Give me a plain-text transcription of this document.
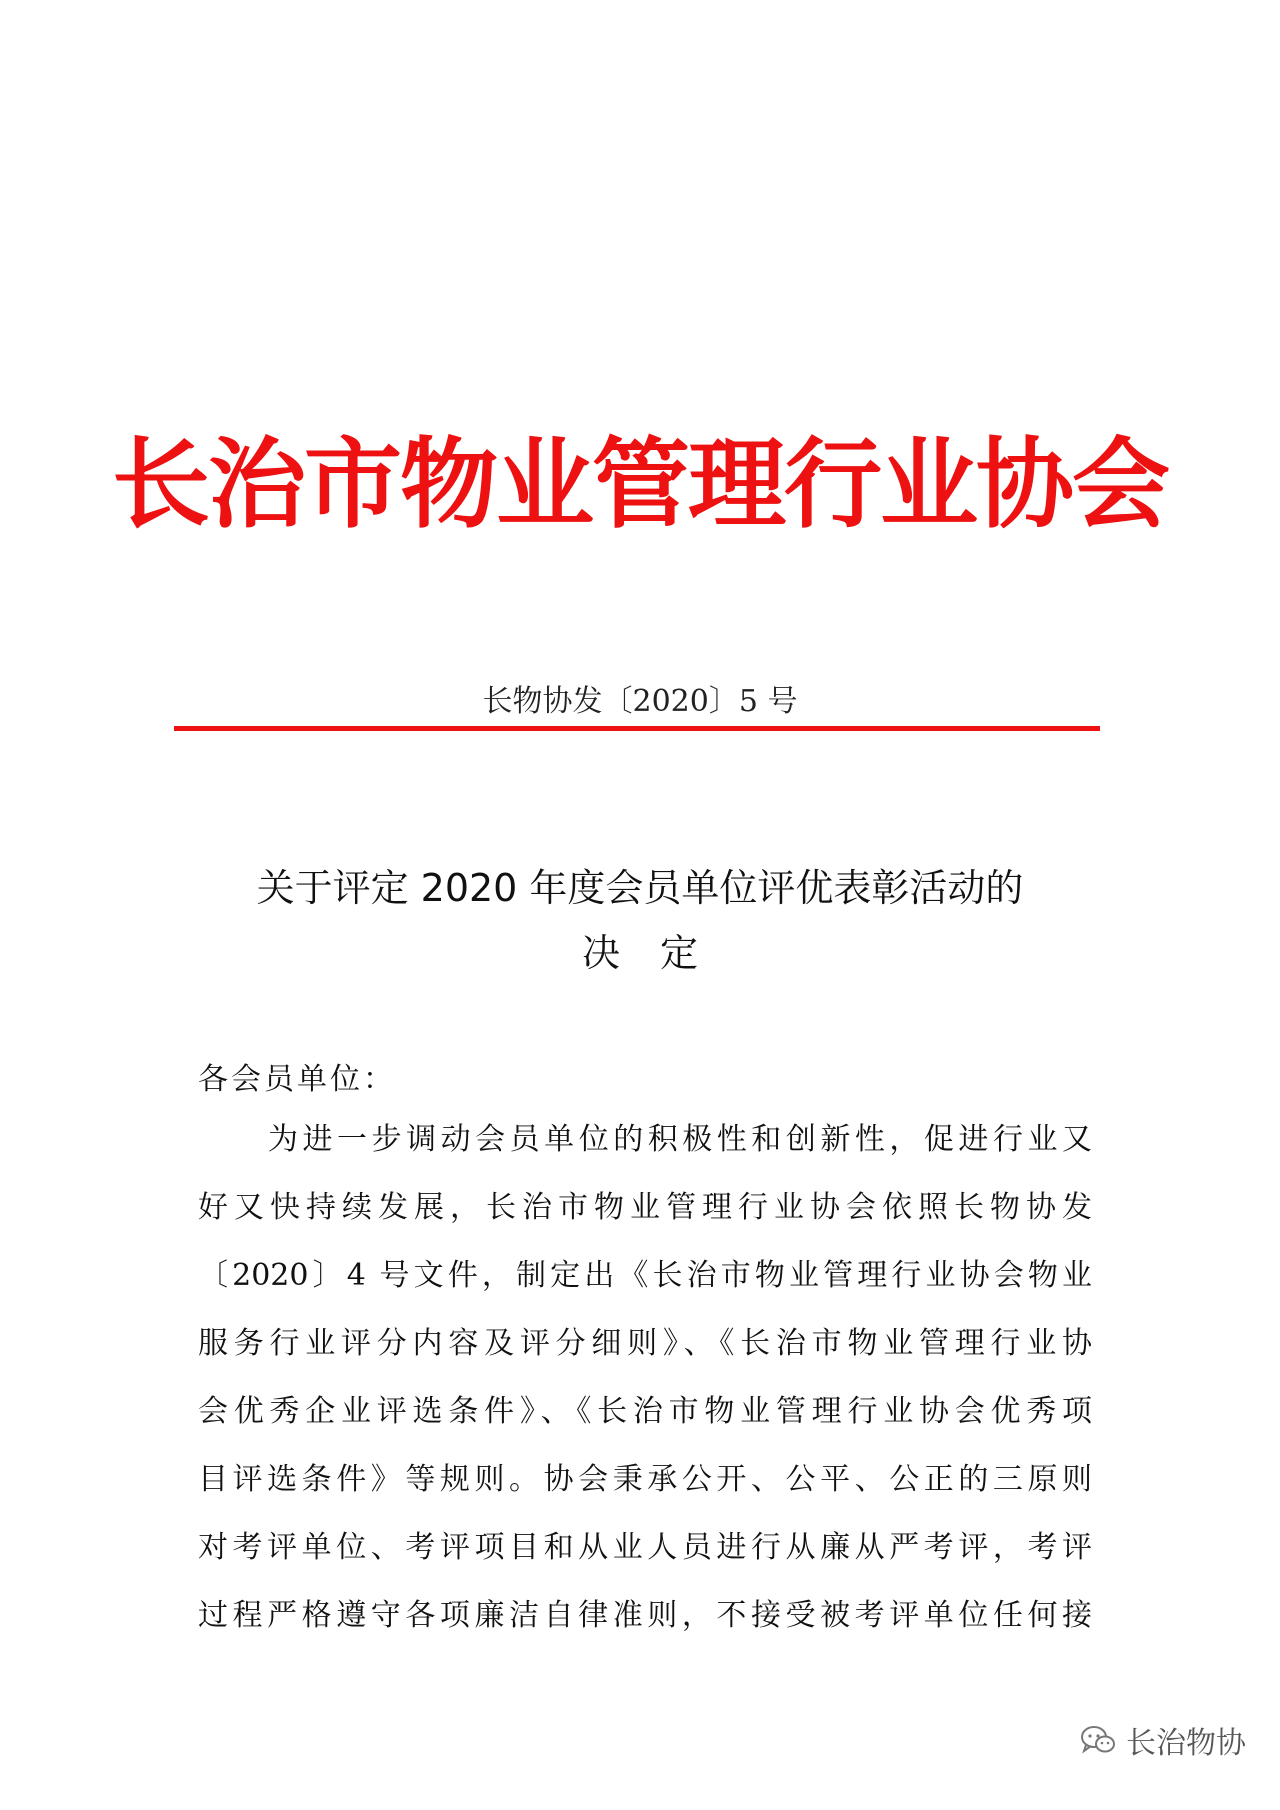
长治市物业管理行业协会
长物协发〔2020〕5 号
关于评定 2020 年度会员单位评优表彰活动的
决定
各会员单位：
为进一步调动会员单位的积极性和创新性，促进行业又
好又快持续发展，长治市物业管理行业协会依照长物协发
〔2020〕4 号文件，制定出《长治市物业管理行业协会物业
服务行业评分内容及评分细则》、《长治市物业管理行业协
会优秀企业评选条件》、《长治市物业管理行业协会优秀项
目评选条件》等规则。协会秉承公开、公平、公正的三原则
对考评单位、考评项目和从业人员进行从廉从严考评，考评
过程严格遵守各项廉洁自律准则，不接受被考评单位任何接
长治物协
